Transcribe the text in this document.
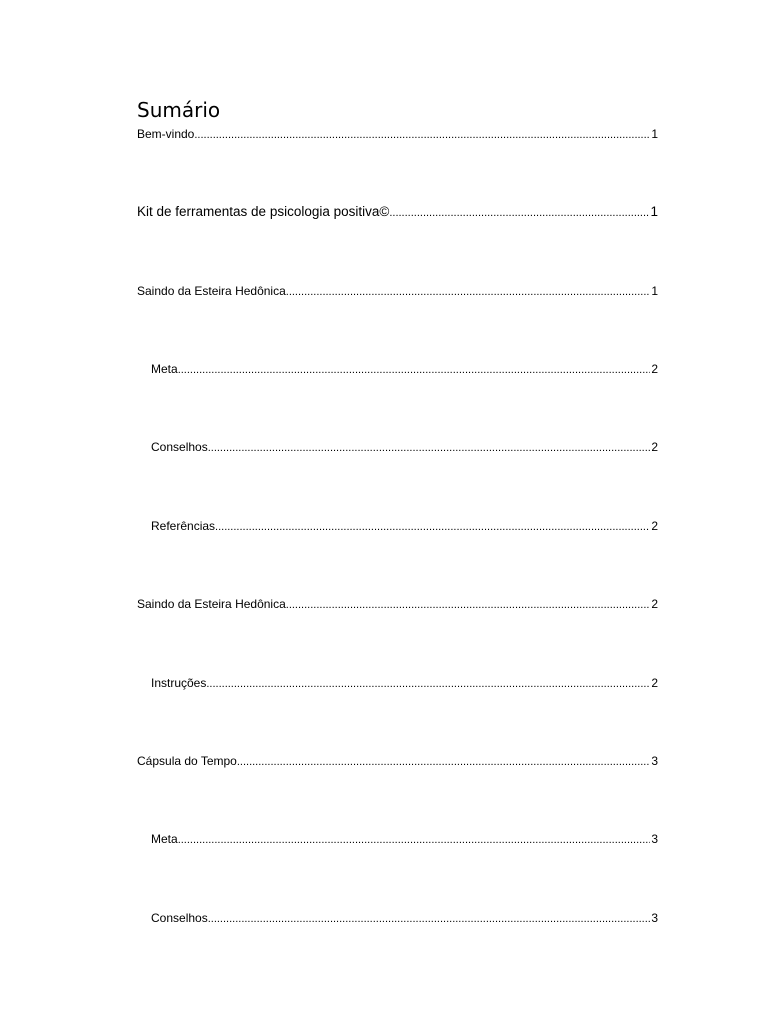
Sumário
Bem-vindo .....	1
Kit de ferramentas de psicologia positiva© .....	1
Saindo da Esteira Hedônica .....	1
Meta .....	2
Conselhos .....	2
Referências .....	2
Saindo da Esteira Hedônica .....	2
Instruções .....	2
Cápsula do Tempo .....	3
Meta .....	3
Conselhos .....	3
